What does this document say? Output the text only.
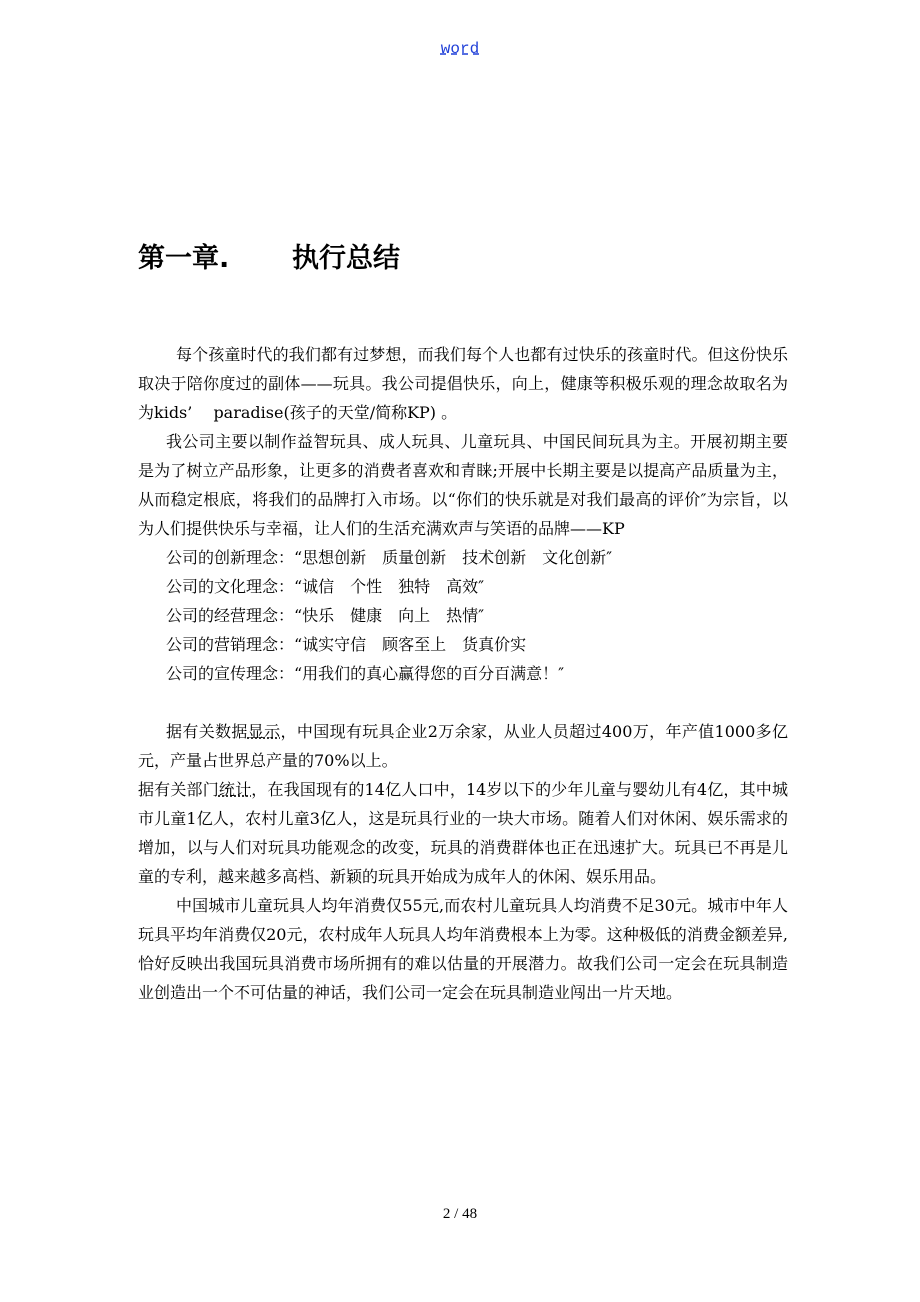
word
第一章. 执行总结

每个孩童时代的我们都有过梦想，而我们每个人也都有过快乐的孩童时代。但这份快乐取决于陪你度过的副体——玩具。我公司提倡快乐，向上，健康等积极乐观的理念故取名为为kids’　 paradise(孩子的天堂/简称KP) 。

我公司主要以制作益智玩具、成人玩具、儿童玩具、中国民间玩具为主。开展初期主要是为了树立产品形象，让更多的消费者喜欢和青睐;开展中长期主要是以提高产品质量为主，从而稳定根底，将我们的品牌打入市场。以“你们的快乐就是对我们最高的评价″为宗旨，以为人们提供快乐与幸福，让人们的生活充满欢声与笑语的品牌——KP

公司的创新理念：“思想创新　质量创新　技术创新　文化创新″

公司的文化理念：“诚信　个性　独特　高效″

公司的经营理念：“快乐　健康　向上　热情″

公司的营销理念：“诚实守信　顾客至上　货真价实

公司的宣传理念：“用我们的真心赢得您的百分百满意！″

据有关数据显示，中国现有玩具企业2万余家，从业人员超过400万，年产值1000多亿元，产量占世界总产量的70%以上。

据有关部门统计，在我国现有的14亿人口中，14岁以下的少年儿童与婴幼儿有4亿，其中城市儿童1亿人，农村儿童3亿人，这是玩具行业的一块大市场。随着人们对休闲、娱乐需求的增加，以与人们对玩具功能观念的改变，玩具的消费群体也正在迅速扩大。玩具已不再是儿童的专利，越来越多高档、新颖的玩具开始成为成年人的休闲、娱乐用品。

中国城市儿童玩具人均年消费仅55元,而农村儿童玩具人均消费不足30元。城市中年人玩具平均年消费仅20元，农村成年人玩具人均年消费根本上为零。这种极低的消费金额差异,恰好反映出我国玩具消费市场所拥有的难以估量的开展潜力。故我们公司一定会在玩具制造业创造出一个不可估量的神话，我们公司一定会在玩具制造业闯出一片天地。

2 / 48
